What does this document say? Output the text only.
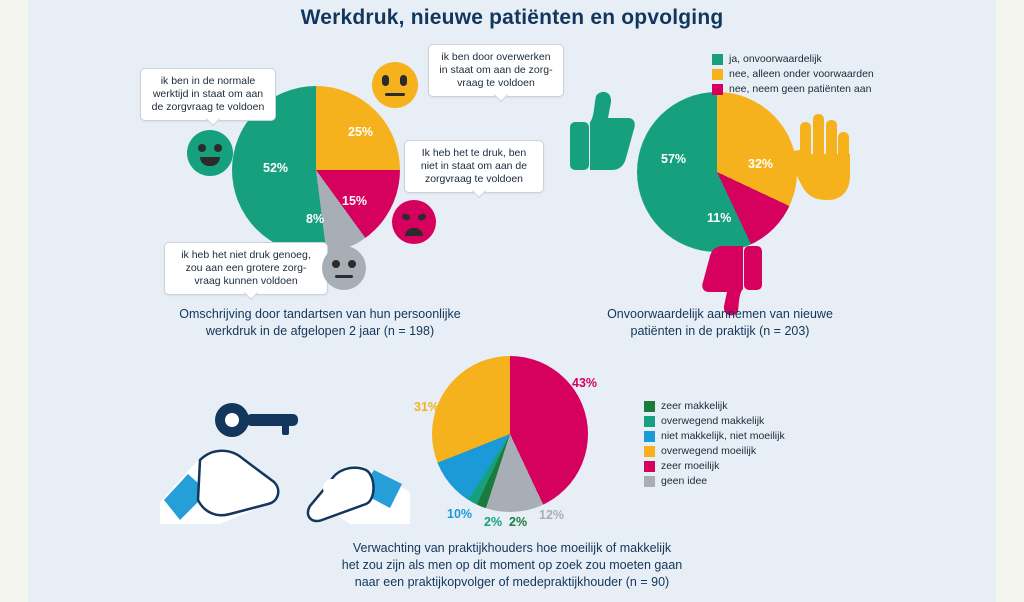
Werkdruk, nieuwe patiënten en opvolging
52%
25%
15%
8%
ik ben in de normale
werktijd in staat om aan
de zorgvraag te voldoen
ik ben door overwerken
in staat om aan de zorg-
vraag te voldoen
Ik heb het te druk, ben
niet in staat om aan de
zorgvraag te voldoen
ik heb het niet druk genoeg,
zou aan een grotere zorg-
vraag kunnen voldoen
Omschrijving door tandartsen van hun persoonlijke
werkdruk in de afgelopen 2 jaar (n = 198)
57%	32%
11%
ja, onvoorwaardelijk
nee, alleen onder voorwaarden
nee, neem geen patiënten aan
Onvoorwaardelijk aannemen van nieuwe
patiënten in de praktijk (n = 203)
43%
31%
10%
2% 2% 12%
zeer makkelijk
overwegend makkelijk
niet makkelijk, niet moeilijk
overwegend moeilijk
zeer moeilijk
geen idee
Verwachting van praktijkhouders hoe moeilijk of makkelijk
het zou zijn als men op dit moment op zoek zou moeten gaan
naar een praktijkopvolger of medepraktijkhouder (n = 90)
